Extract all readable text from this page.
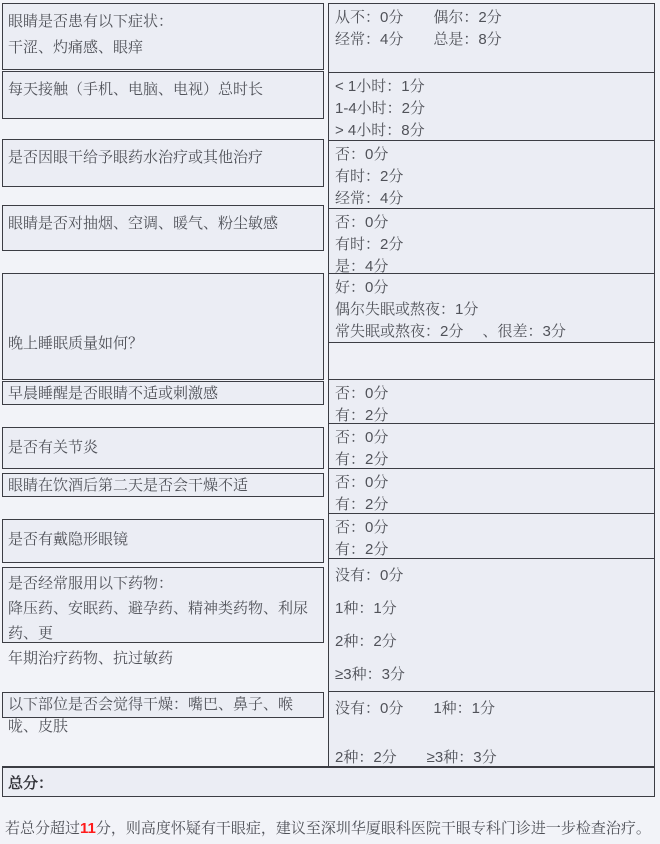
眼睛是否患有以下症状：
干涩、灼痛感、眼痒
每天接触（手机、电脑、电视）总时长
是否因眼干给予眼药水治疗或其他治疗
眼睛是否对抽烟、空调、暖气、粉尘敏感
晚上睡眠质量如何？
早晨睡醒是否眼睛不适或刺激感
是否有关节炎
眼睛在饮酒后第二天是否会干燥不适
是否有戴隐形眼镜
是否经常服用以下药物：
降压药、安眠药、避孕药、精神类药物、利尿药、更
年期治疗药物、抗过敏药
以下部位是否会觉得干燥：嘴巴、鼻子、喉咙、皮肤
从不：0分　　偶尔：2分
经常：4分　　总是：8分
< 1小时：1分
1-4小时：2分
> 4小时：8分
否：0分
有时：2分
经常：4分
否：0分
有时：2分
是：4分
好：0分
偶尔失眠或熬夜：1分
常失眠或熬夜：2分　 、很差：3分
否：0分
有：2分
否：0分
有：2分
否：0分
有：2分
否：0分
有：2分
没有：0分
1种：1分
2种：2分
≥3种：3分
没有：0分　　1种：1分
2种：2分　　≥3种：3分
总分：
若总分超过11分，则高度怀疑有干眼症，建议至深圳华厦眼科医院干眼专科门诊进一步检查治疗。
